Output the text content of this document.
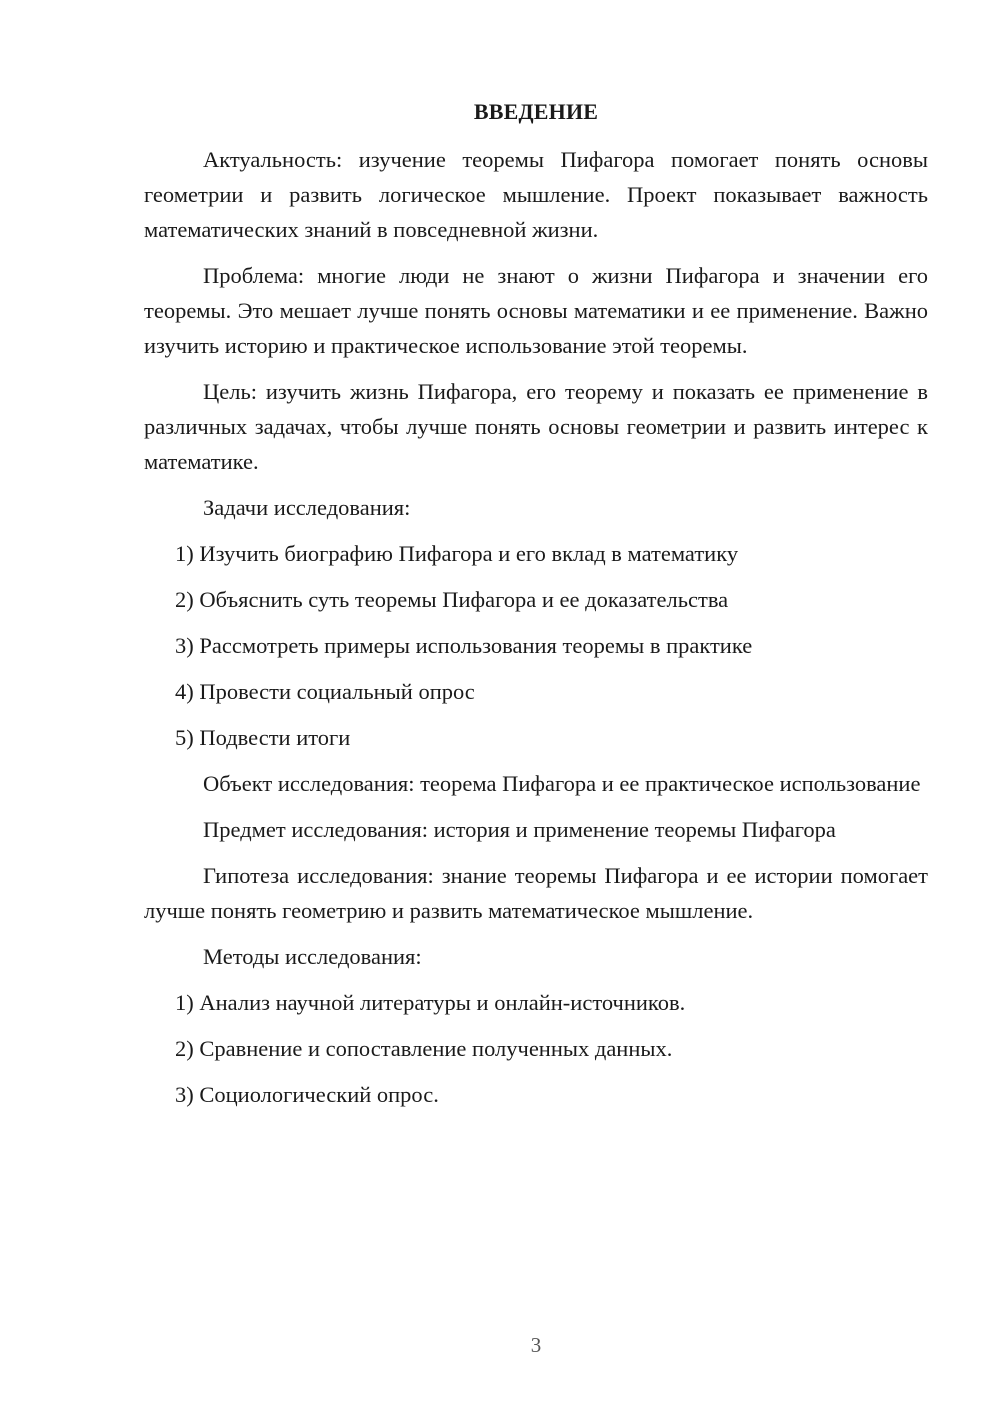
ВВЕДЕНИЕ

Актуальность: изучение теоремы Пифагора помогает понять основы геометрии и развить логическое мышление. Проект показывает важность математических знаний в повседневной жизни.

Проблема: многие люди не знают о жизни Пифагора и значении его теоремы. Это мешает лучше понять основы математики и ее применение. Важно изучить историю и практическое использование этой теоремы.

Цель: изучить жизнь Пифагора, его теорему и показать ее применение в различных задачах, чтобы лучше понять основы геометрии и развить интерес к математике.

Задачи исследования:

1) Изучить биографию Пифагора и его вклад в математику
2) Объяснить суть теоремы Пифагора и ее доказательства
3) Рассмотреть примеры использования теоремы в практике
4) Провести социальный опрос
5) Подвести итоги

Объект исследования: теорема Пифагора и ее практическое использование

Предмет исследования: история и применение теоремы Пифагора

Гипотеза исследования: знание теоремы Пифагора и ее истории помогает лучше понять геометрию и развить математическое мышление.

Методы исследования:

1) Анализ научной литературы и онлайн-источников.
2) Сравнение и сопоставление полученных данных.
3) Социологический опрос.
3
